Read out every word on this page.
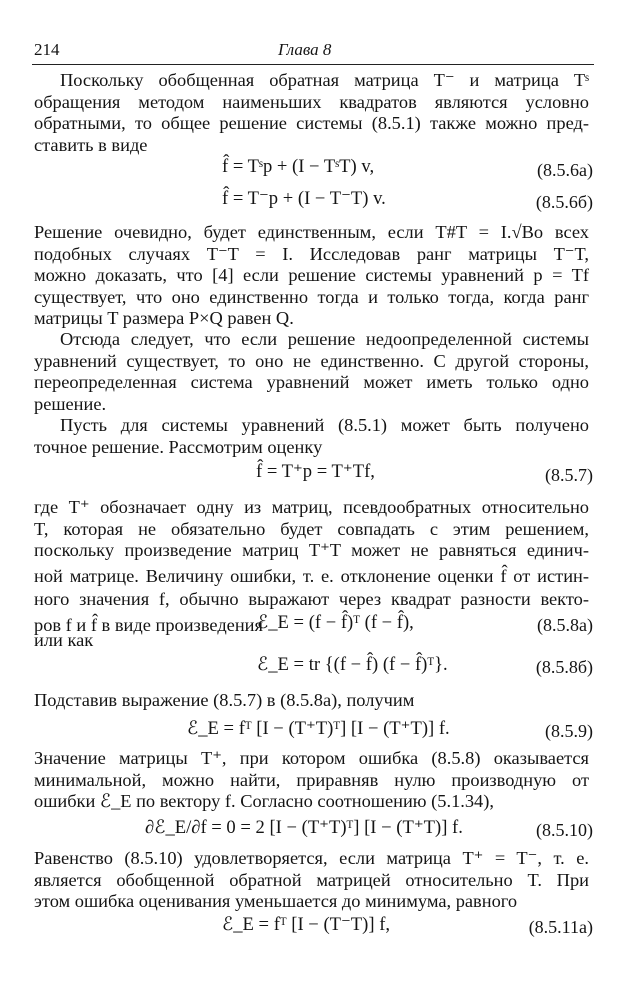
214	Глава 8
Поскольку обобщенная обратная матрица T⁻ и матрица Tˢ
обращения методом наименьших квадратов являются условно
обратными, то общее решение системы (8.5.1) также можно пред-
ставить в виде
f̂ = Tˢp + (I − TˢT) v,	(8.5.6а)
f̂ = T⁻p + (I − T⁻T) v.	(8.5.6б)
Решение очевидно, будет единственным, если T#T = I.√Во всех
подобных случаях T⁻T = I. Исследовав ранг матрицы T⁻T,
можно доказать, что [4] если решение системы уравнений p = Tf
существует, что оно единственно тогда и только тогда, когда ранг
матрицы T размера P×Q равен Q.
Отсюда следует, что если решение недоопределенной системы
уравнений существует, то оно не единственно. С другой стороны,
переопределенная система уравнений может иметь только одно
решение.
Пусть для системы уравнений (8.5.1) может быть получено
точное решение. Рассмотрим оценку
f̂ = T⁺p = T⁺Tf,	(8.5.7)
где T⁺ обозначает одну из матриц, псевдообратных относительно
T, которая не обязательно будет совпадать с этим решением,
поскольку произведение матриц T⁺T может не равняться единич-
ной матрице. Величину ошибки, т. е. отклонение оценки f̂ от истин-
ного значения f, обычно выражают через квадрат разности векто-
ров f и f̂ в виде произведения
ℰ_E = (f − f̂)ᵀ (f − f̂),	(8.5.8а)
или как
ℰ_E = tr {(f − f̂) (f − f̂)ᵀ}.	(8.5.8б)
Подставив выражение (8.5.7) в (8.5.8а), получим
ℰ_E = fᵀ [I − (T⁺T)ᵀ] [I − (T⁺T)] f.	(8.5.9)
Значение матрицы T⁺, при котором ошибка (8.5.8) оказывается
минимальной, можно найти, приравняв нулю производную от
ошибки ℰ_E по вектору f. Согласно соотношению (5.1.34),
∂ℰ_E/∂f = 0 = 2 [I − (T⁺T)ᵀ] [I − (T⁺T)] f.	(8.5.10)
Равенство (8.5.10) удовлетворяется, если матрица T⁺ = T⁻, т. е.
является обобщенной обратной матрицей относительно T. При
этом ошибка оценивания уменьшается до минимума, равного
ℰ_E = fᵀ [I − (T⁻T)] f,	(8.5.11а)
